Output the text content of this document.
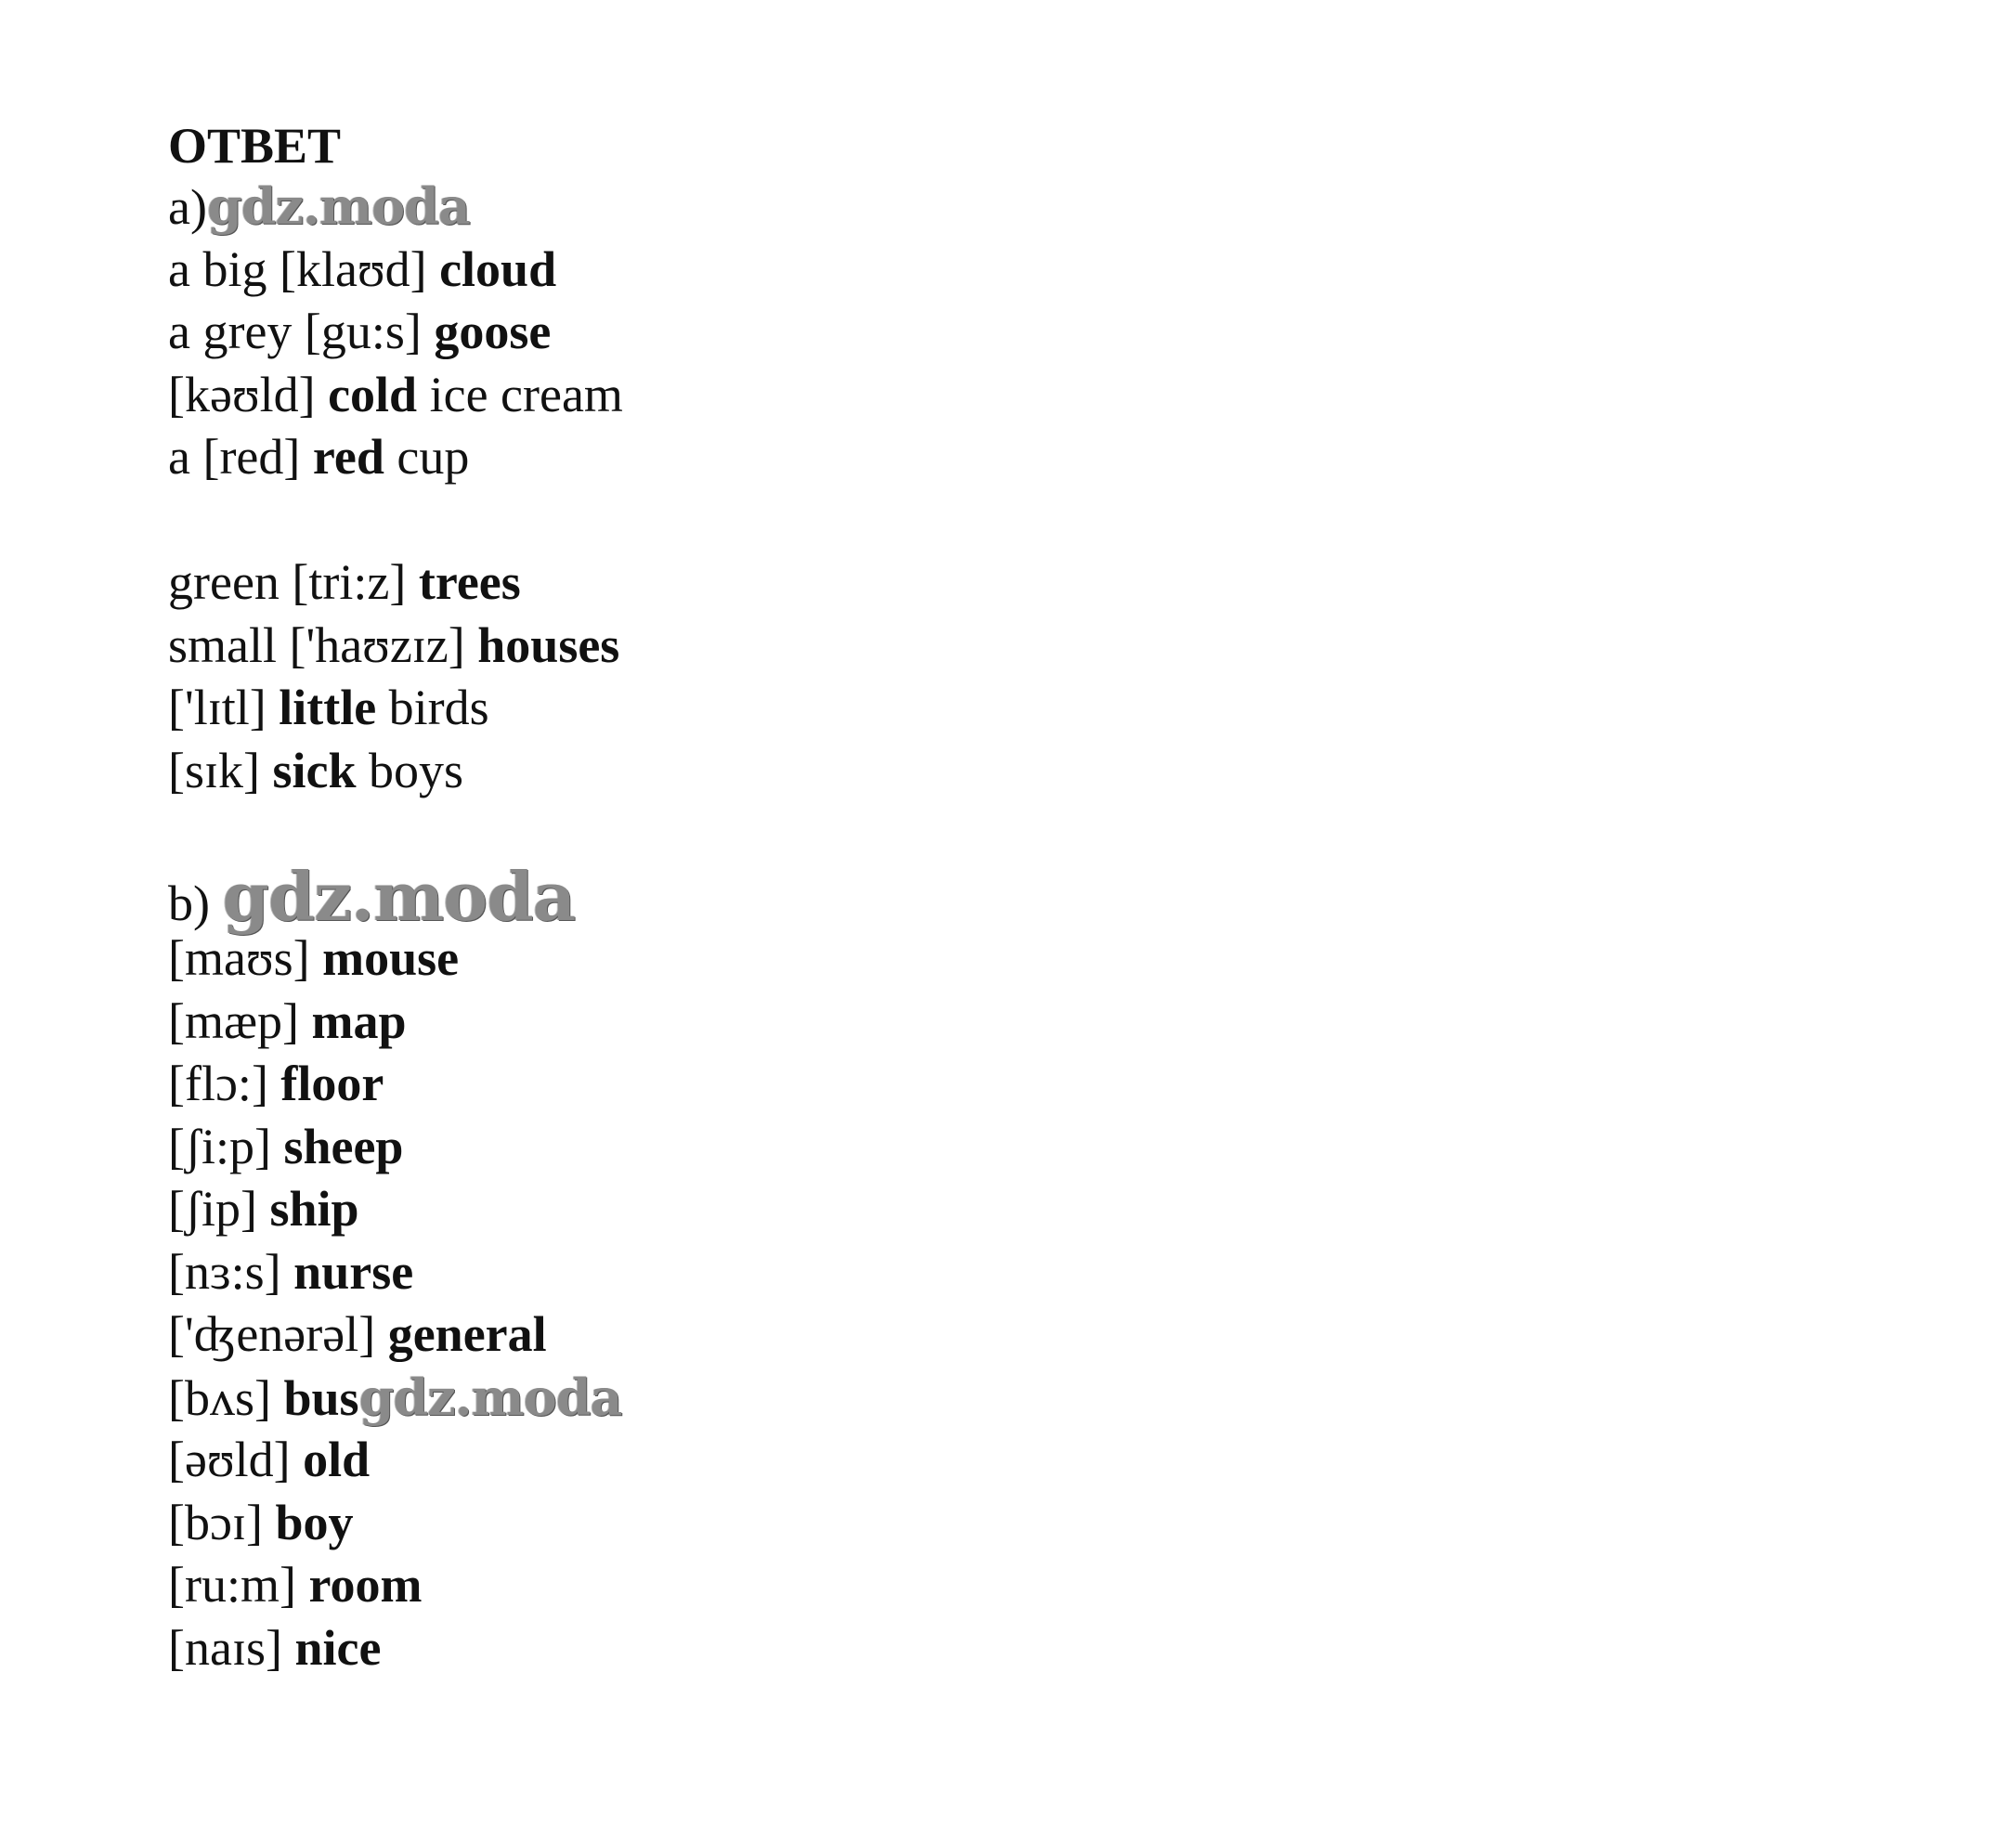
ОТВЕТ
a)gdz.moda
a big [klaʊd] cloud
a grey [gu:s] goose
[kəʊld] cold ice cream
a [red] red cup
green [tri:z] trees
small ['haʊzɪz] houses
['lɪtl] little birds
[sɪk] sick boys
b) gdz.moda
[maʊs] mouse
[mæp] map
[flɔ:] floor
[ʃi:p] sheep
[ʃip] ship
[nɜ:s] nurse
['ʤenərəl] general
[bʌs] busgdz.moda
[əʊld] old
[bɔɪ] boy
[ru:m] room
[naɪs] nice
